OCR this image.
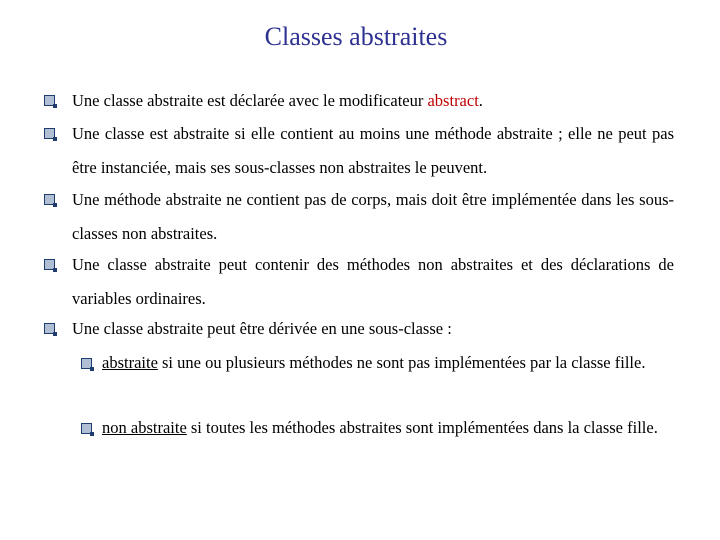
Classes abstraites
Une classe abstraite est déclarée avec le modificateur abstract.
Une classe est abstraite si elle contient au moins une méthode abstraite ; elle ne peut pas être instanciée, mais ses sous-classes non abstraites le peuvent.
Une méthode abstraite ne contient pas de corps, mais doit être implémentée dans les sous-classes non abstraites.
Une classe abstraite peut contenir des méthodes non abstraites et des déclarations de variables ordinaires.
Une classe abstraite peut être dérivée en une sous-classe :
abstraite si une ou plusieurs méthodes ne sont pas implémentées par la classe fille.
non abstraite si toutes les méthodes abstraites sont implémentées dans la classe fille.
